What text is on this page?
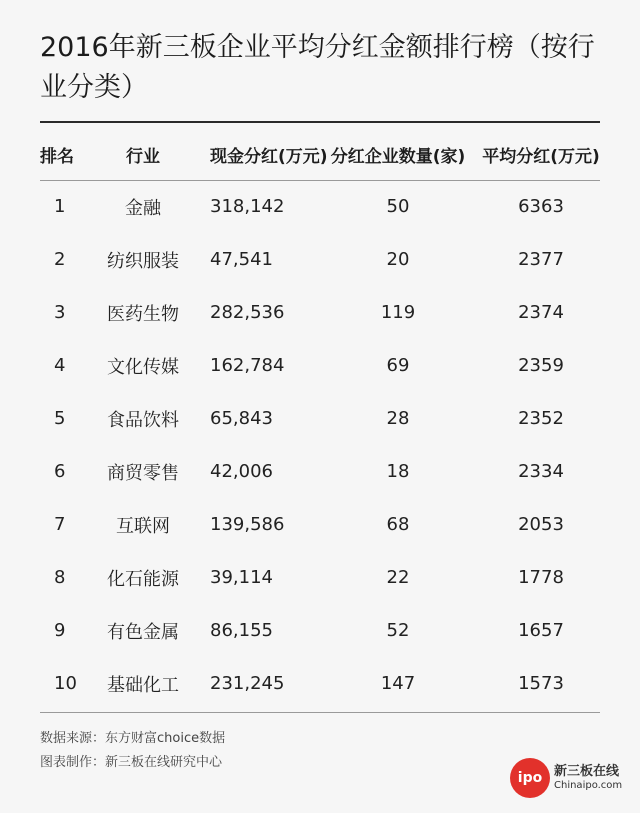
2016年新三板企业平均分红金额排行榜（按行业分类）
排名	行业	现金分红(万元)	分红企业数量(家)	平均分红(万元)
1	金融	318,142	50	6363
2	纺织服装	47,541	20	2377
3	医药生物	282,536	119	2374
4	文化传媒	162,784	69	2359
5	食品饮料	65,843	28	2352
6	商贸零售	42,006	18	2334
7	互联网	139,586	68	2053
8	化石能源	39,114	22	1778
9	有色金属	86,155	52	1657
10	基础化工	231,245	147	1573
数据来源：东方财富choice数据
图表制作：新三板在线研究中心
ipo 新三板在线
Chinaipo.com
